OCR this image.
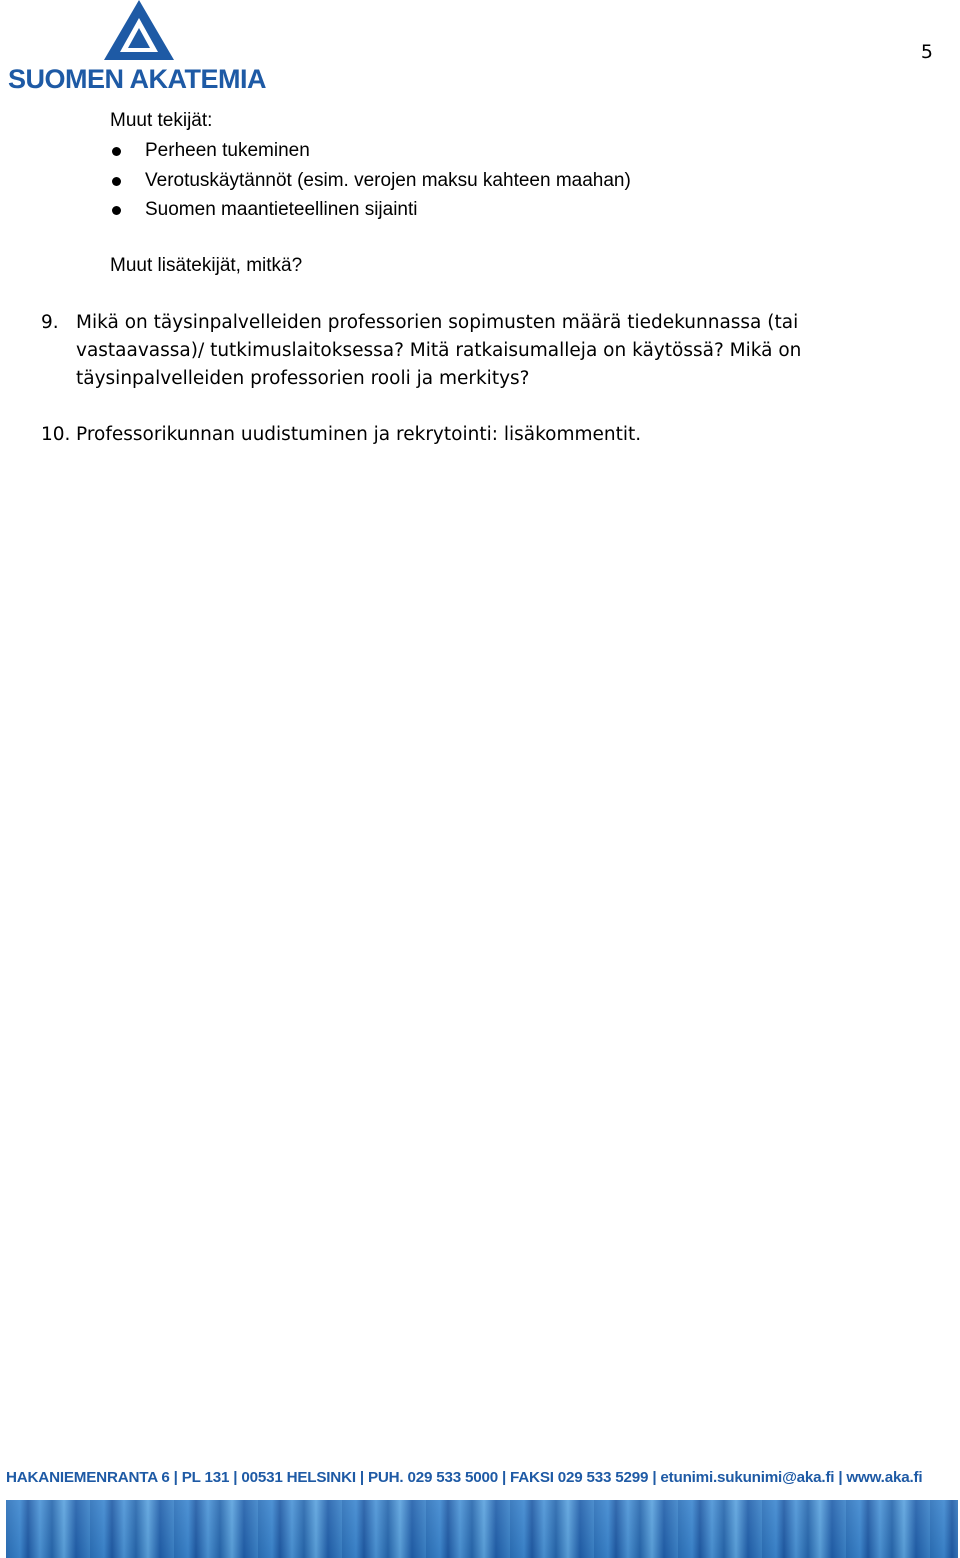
SUOMEN AKATEMIA
5
Muut tekijät:
Perheen tukeminen
Verotuskäytännöt (esim. verojen maksu kahteen maahan)
Suomen maantieteellinen sijainti
Muut lisätekijät, mitkä?
9. Mikä on täysinpalvelleiden professorien sopimusten määrä tiedekunnassa (tai vastaavassa)/ tutkimuslaitoksessa? Mitä ratkaisumalleja on käytössä? Mikä on täysinpalvelleiden professorien rooli ja merkitys?
10. Professorikunnan uudistuminen ja rekrytointi: lisäkommentit.
HAKANIEMENRANTA 6 | PL 131 | 00531 HELSINKI | PUH. 029 533 5000 | FAKSI 029 533 5299 | etunimi.sukunimi@aka.fi | www.aka.fi
